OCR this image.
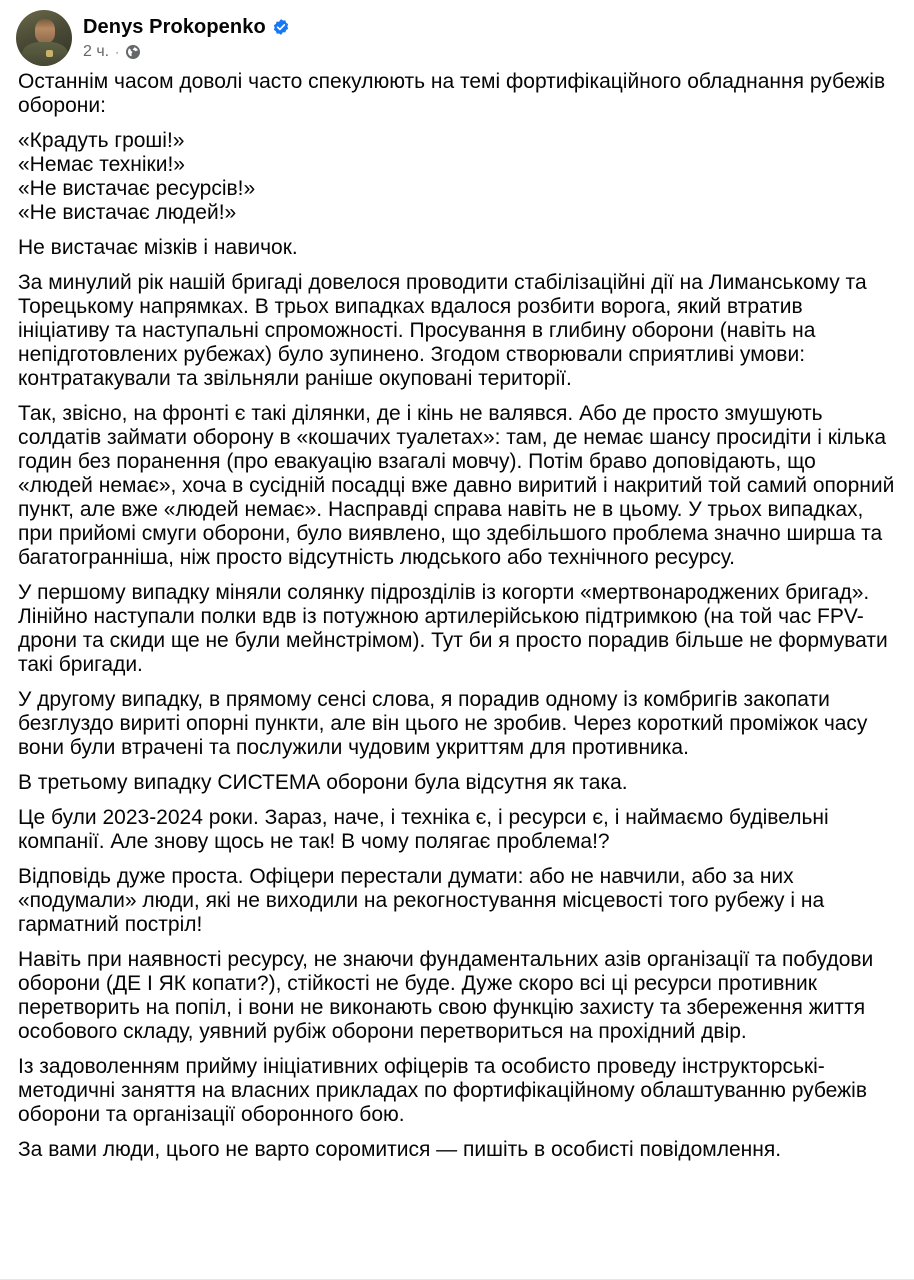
Denys Prokopenko
2 ч. ·

Останнім часом доволі часто спекулюють на темі фортифікаційного обладнання рубежів оборони:

«Крадуть гроші!»
«Немає техніки!»
«Не вистачає ресурсів!»
«Не вистачає людей!»

Не вистачає мізків і навичок.

За минулий рік нашій бригаді довелося проводити стабілізаційні дії на Лиманському та Торецькому напрямках. В трьох випадках вдалося розбити ворога, який втратив ініціативу та наступальні спроможності. Просування в глибину оборони (навіть на непідготовлених рубежах) було зупинено. Згодом створювали сприятливі умови: контратакували та звільняли раніше окуповані території.

Так, звісно, на фронті є такі ділянки, де і кінь не валявся. Або де просто змушують солдатів займати оборону в «кошачих туалетах»: там, де немає шансу просидіти і кілька годин без поранення (про евакуацію взагалі мовчу). Потім браво доповідають, що «людей немає», хоча в сусідній посадці вже давно виритий і накритий той самий опорний пункт, але вже «людей немає». Насправді справа навіть не в цьому. У трьох випадках, при прийомі смуги оборони, було виявлено, що здебільшого проблема значно ширша та багатогранніша, ніж просто відсутність людського або технічного ресурсу.

У першому випадку міняли солянку підрозділів із когорти «мертвонароджених бригад». Лінійно наступали полки вдв із потужною артилерійською підтримкою (на той час FPV-дрони та скиди ще не були мейнстрімом). Тут би я просто порадив більше не формувати такі бригади.

У другому випадку, в прямому сенсі слова, я порадив одному із комбригів закопати безглуздо вириті опорні пункти, але він цього не зробив. Через короткий проміжок часу вони були втрачені та послужили чудовим укриттям для противника.

В третьому випадку СИСТЕМА оборони була відсутня як така.

Це були 2023-2024 роки. Зараз, наче, і техніка є, і ресурси є, і наймаємо будівельні компанії. Але знову щось не так! В чому полягає проблема!?

Відповідь дуже проста. Офіцери перестали думати: або не навчили, або за них «подумали» люди, які не виходили на рекогностування місцевості того рубежу і на гарматний постріл!

Навіть при наявності ресурсу, не знаючи фундаментальних азів організації та побудови оборони (ДЕ І ЯК копати?), стійкості не буде. Дуже скоро всі ці ресурси противник перетворить на попіл, і вони не виконають свою функцію захисту та збереження життя особового складу, уявний рубіж оборони перетвориться на прохідний двір.

Із задоволенням прийму ініціативних офіцерів та особисто проведу інструкторські-методичні заняття на власних прикладах по фортифікаційному облаштуванню рубежів оборони та організації оборонного бою.

За вами люди, цього не варто соромитися — пишіть в особисті повідомлення.
